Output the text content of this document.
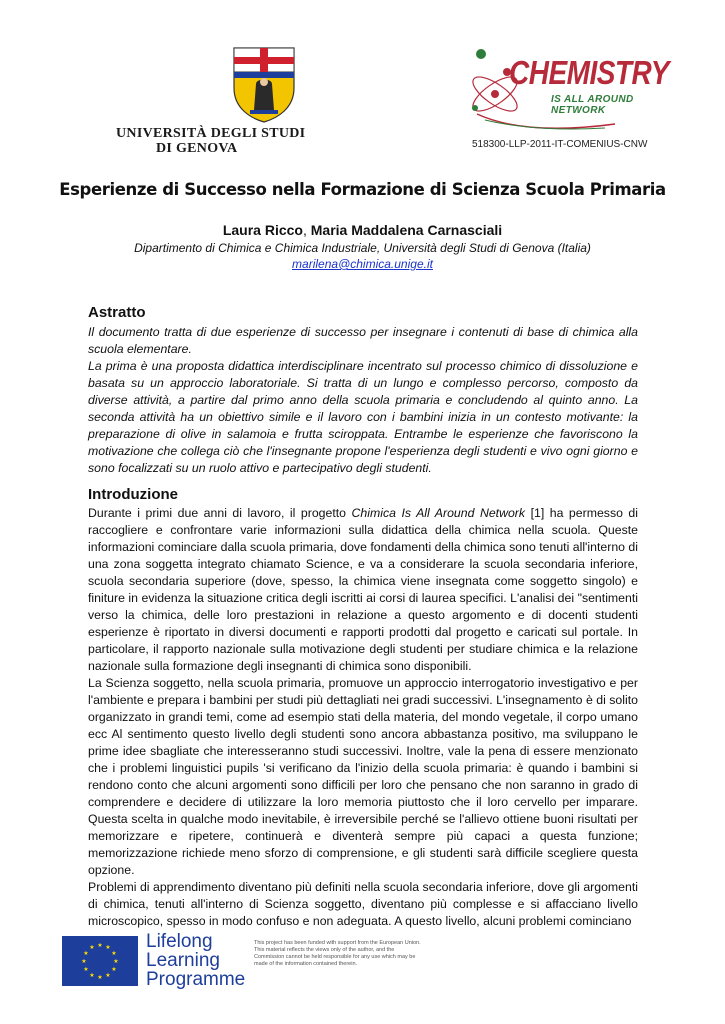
UNIVERSITÀ DEGLI STUDI
DI GENOVA
CHEMISTRY
IS ALL AROUND NETWORK
518300-LLP-2011-IT-COMENIUS-CNW
Esperienze di Successo nella Formazione di Scienza Scuola Primaria
Laura Ricco, Maria Maddalena Carnasciali
Dipartimento di Chimica e Chimica Industriale, Università degli Studi di Genova (Italia)
marilena@chimica.unige.it
Astratto

Il documento tratta di due esperienze di successo per insegnare i contenuti di base di chimica alla scuola elementare.

La prima è una proposta didattica interdisciplinare incentrato sul processo chimico di dissoluzione e basata su un approccio laboratoriale. Si tratta di un lungo e complesso percorso, composto da diverse attività, a partire dal primo anno della scuola primaria e concludendo al quinto anno. La seconda attività ha un obiettivo simile e il lavoro con i bambini inizia in un contesto motivante: la preparazione di olive in salamoia e frutta sciroppata. Entrambe le esperienze che favoriscono la motivazione che collega ciò che l'insegnante propone l'esperienza degli studenti e vivo ogni giorno e sono focalizzati su un ruolo attivo e partecipativo degli studenti.

Introduzione

Durante i primi due anni di lavoro, il progetto Chimica Is All Around Network [1] ha permesso di raccogliere e confrontare varie informazioni sulla didattica della chimica nella scuola. Queste informazioni cominciare dalla scuola primaria, dove fondamenti della chimica sono tenuti all'interno di una zona soggetta integrato chiamato Science, e va a considerare la scuola secondaria inferiore, scuola secondaria superiore (dove, spesso, la chimica viene insegnata come soggetto singolo) e finiture in evidenza la situazione critica degli iscritti ai corsi di laurea specifici. L'analisi dei "sentimenti verso la chimica, delle loro prestazioni in relazione a questo argomento e di docenti studenti esperienze è riportato in diversi documenti e rapporti prodotti dal progetto e caricati sul portale. In particolare, il rapporto nazionale sulla motivazione degli studenti per studiare chimica e la relazione nazionale sulla formazione degli insegnanti di chimica sono disponibili.

La Scienza soggetto, nella scuola primaria, promuove un approccio interrogatorio investigativo e per l'ambiente e prepara i bambini per studi più dettagliati nei gradi successivi. L'insegnamento è di solito organizzato in grandi temi, come ad esempio stati della materia, del mondo vegetale, il corpo umano ecc Al sentimento questo livello degli studenti sono ancora abbastanza positivo, ma sviluppano le prime idee sbagliate che interesseranno studi successivi. Inoltre, vale la pena di essere menzionato che i problemi linguistici pupils 'si verificano da l'inizio della scuola primaria: è quando i bambini si rendono conto che alcuni argomenti sono difficili per loro che pensano che non saranno in grado di comprendere e decidere di utilizzare la loro memoria piuttosto che il loro cervello per imparare. Questa scelta in qualche modo inevitabile, è irreversibile perché se l'allievo ottiene buoni risultati per memorizzare e ripetere, continuerà e diventerà sempre più capaci a questa funzione; memorizzazione richiede meno sforzo di comprensione, e gli studenti sarà difficile scegliere questa opzione.

Problemi di apprendimento diventano più definiti nella scuola secondaria inferiore, dove gli argomenti di chimica, tenuti all'interno di Scienza soggetto, diventano più complesse e si affacciano livello microscopico, spesso in modo confuso e non adeguata. A questo livello, alcuni problemi cominciano

★ ★
★
★
★
★
★
★
★
★
★
★	Lifelong
Learning
Programme
This project has been funded with support from the European Union. This material reflects the views only of the author, and the Commission cannot be held responsible for any use which may be made of the information contained therein.
